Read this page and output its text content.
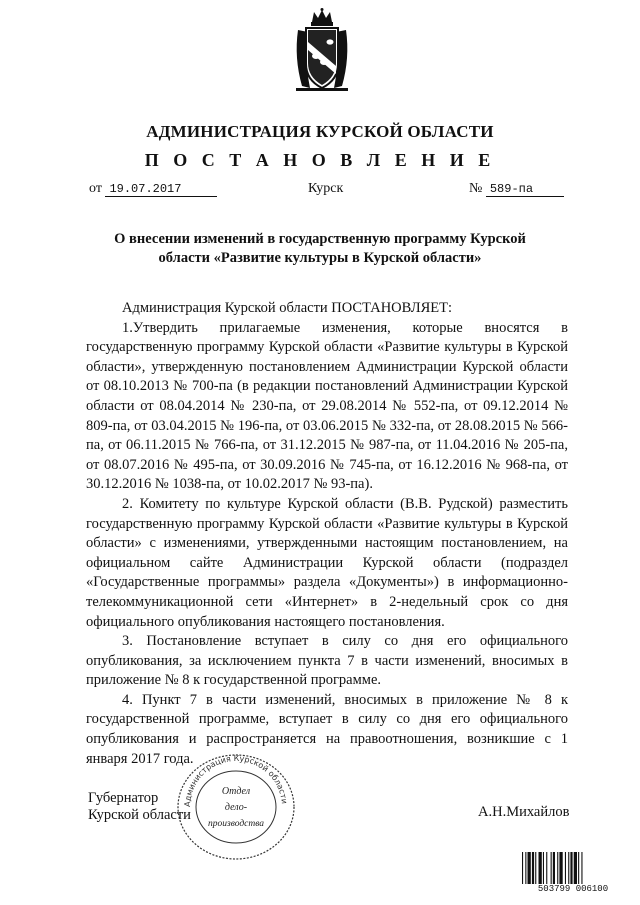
АДМИНИСТРАЦИЯ КУРСКОЙ ОБЛАСТИ
П О С Т А Н О В Л Е Н И Е
от 19.07.2017	Курск	№ 589-па
О внесении изменений в государственную программу Курской
области «Развитие культуры в Курской области»

Администрация Курской области ПОСТАНОВЛЯЕТ:

1.Утвердить прилагаемые изменения, которые вносятся в государственную программу Курской области «Развитие культуры в Курской области», утвержденную постановлением Администрации Курской области от 08.10.2013 № 700-па (в редакции постановлений Администрации Курской области от 08.04.2014 № 230-па, от 29.08.2014 № 552-па, от 09.12.2014 № 809-па, от 03.04.2015 № 196-па, от 03.06.2015 № 332-па, от 28.08.2015 № 566-па, от 06.11.2015 № 766-па, от 31.12.2015 № 987-па, от 11.04.2016 № 205-па, от 08.07.2016 № 495-па, от 30.09.2016 № 745-па, от 16.12.2016 № 968-па, от 30.12.2016 № 1038-па, от 10.02.2017 № 93-па).

2. Комитету по культуре Курской области (В.В. Рудской) разместить государственную программу Курской области «Развитие культуры в Курской области» с изменениями, утвержденными настоящим постановлением, на официальном сайте Администрации Курской области (подраздел «Государственные программы» раздела «Документы») в информационно-телекоммуникационной сети «Интернет» в 2-недельный срок со дня официального опубликования настоящего постановления.

3. Постановление вступает в силу со дня его официального опубликования, за исключением пункта 7 в части изменений, вносимых в приложение № 8 к государственной программе.

4. Пункт 7 в части изменений, вносимых в приложение № 8 к государственной программе, вступает в силу со дня его официального опубликования и распространяется на правоотношения, возникшие с 1 января 2017 года.

Губернатор
Курской области	А.Н.Михайлов
Администрация Курской области
Отдел
дело-
производства
503799 006100
